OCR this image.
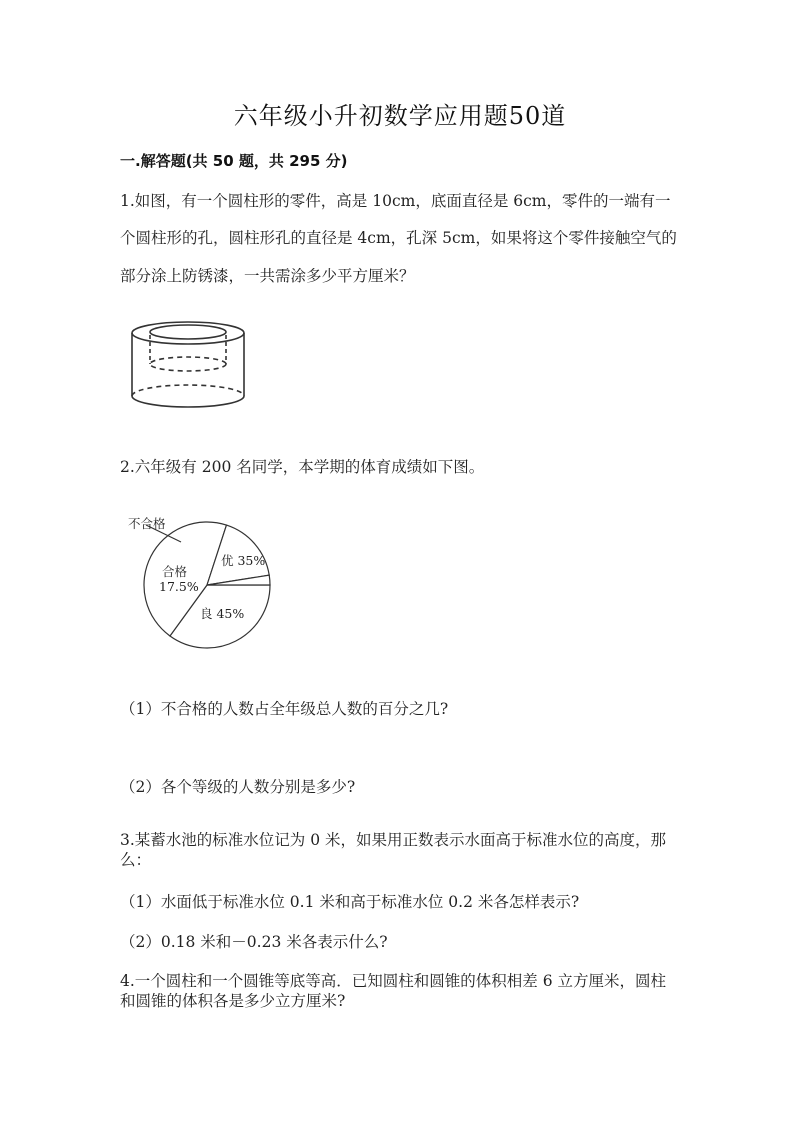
六年级小升初数学应用题50道
一.解答题(共 50 题，共 295 分)
1.如图，有一个圆柱形的零件，高是 10cm，底面直径是 6cm，零件的一端有一
个圆柱形的孔，圆柱形孔的直径是 4cm，孔深 5cm，如果将这个零件接触空气的
部分涂上防锈漆，一共需涂多少平方厘米？
2.六年级有 200 名同学，本学期的体育成绩如下图。
不合格
优 35%
合格
17.5%
良 45%
（1）不合格的人数占全年级总人数的百分之几?
（2）各个等级的人数分别是多少?
3.某蓄水池的标准水位记为 0 米，如果用正数表示水面高于标准水位的高度，那么：
（1）水面低于标准水位 0.1 米和高于标准水位 0.2 米各怎样表示?
（2）0.18 米和－0.23 米各表示什么?
4.一个圆柱和一个圆锥等底等高．已知圆柱和圆锥的体积相差 6 立方厘米，圆柱和圆锥的体积各是多少立方厘米?
